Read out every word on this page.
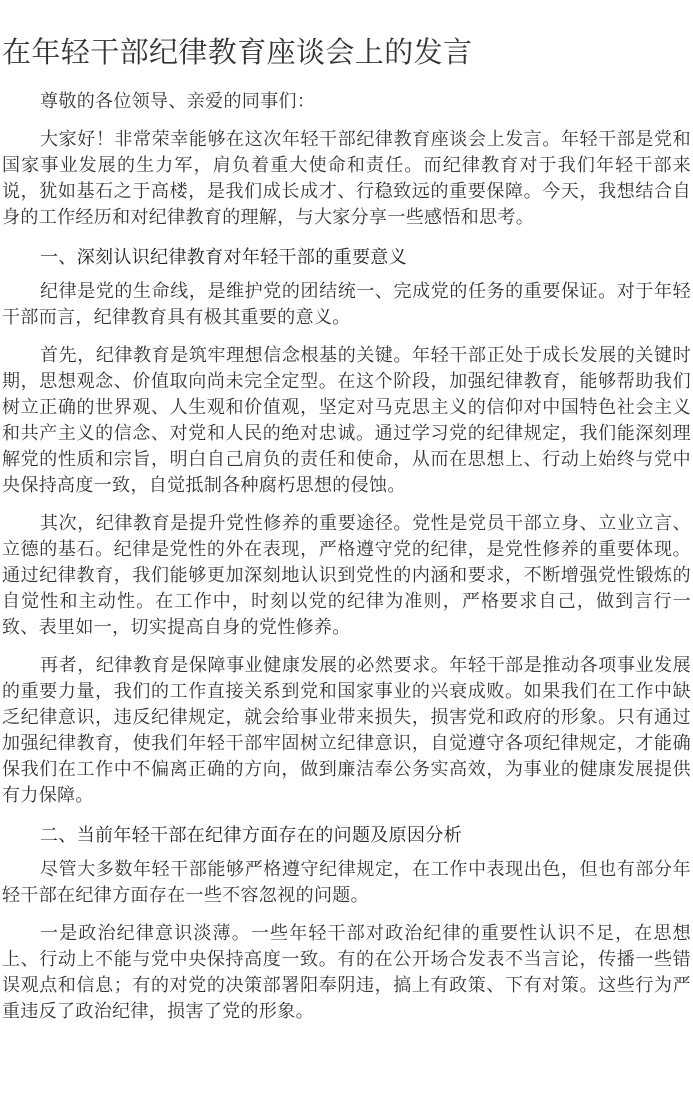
在年轻干部纪律教育座谈会上的发言

尊敬的各位领导、亲爱的同事们：

大家好！非常荣幸能够在这次年轻干部纪律教育座谈会上发言。年轻干部是党和国家事业发展的生力军，肩负着重大使命和责任。而纪律教育对于我们年轻干部来说，犹如基石之于高楼，是我们成长成才、行稳致远的重要保障。今天，我想结合自身的工作经历和对纪律教育的理解，与大家分享一些感悟和思考。

一、深刻认识纪律教育对年轻干部的重要意义

纪律是党的生命线，是维护党的团结统一、完成党的任务的重要保证。对于年轻干部而言，纪律教育具有极其重要的意义。

首先，纪律教育是筑牢理想信念根基的关键。年轻干部正处于成长发展的关键时期，思想观念、价值取向尚未完全定型。在这个阶段，加强纪律教育，能够帮助我们树立正确的世界观、人生观和价值观，坚定对马克思主义的信仰对中国特色社会主义和共产主义的信念、对党和人民的绝对忠诚。通过学习党的纪律规定，我们能深刻理解党的性质和宗旨，明白自己肩负的责任和使命，从而在思想上、行动上始终与党中央保持高度一致，自觉抵制各种腐朽思想的侵蚀。

其次，纪律教育是提升党性修养的重要途径。党性是党员干部立身、立业立言、立德的基石。纪律是党性的外在表现，严格遵守党的纪律，是党性修养的重要体现。通过纪律教育，我们能够更加深刻地认识到党性的内涵和要求，不断增强党性锻炼的自觉性和主动性。在工作中，时刻以党的纪律为准则，严格要求自己，做到言行一致、表里如一，切实提高自身的党性修养。

再者，纪律教育是保障事业健康发展的必然要求。年轻干部是推动各项事业发展的重要力量，我们的工作直接关系到党和国家事业的兴衰成败。如果我们在工作中缺乏纪律意识，违反纪律规定，就会给事业带来损失，损害党和政府的形象。只有通过加强纪律教育，使我们年轻干部牢固树立纪律意识，自觉遵守各项纪律规定，才能确保我们在工作中不偏离正确的方向，做到廉洁奉公务实高效，为事业的健康发展提供有力保障。

二、当前年轻干部在纪律方面存在的问题及原因分析

尽管大多数年轻干部能够严格遵守纪律规定，在工作中表现出色，但也有部分年轻干部在纪律方面存在一些不容忽视的问题。

一是政治纪律意识淡薄。一些年轻干部对政治纪律的重要性认识不足，在思想上、行动上不能与党中央保持高度一致。有的在公开场合发表不当言论，传播一些错误观点和信息；有的对党的决策部署阳奉阴违，搞上有政策、下有对策。这些行为严重违反了政治纪律，损害了党的形象。
